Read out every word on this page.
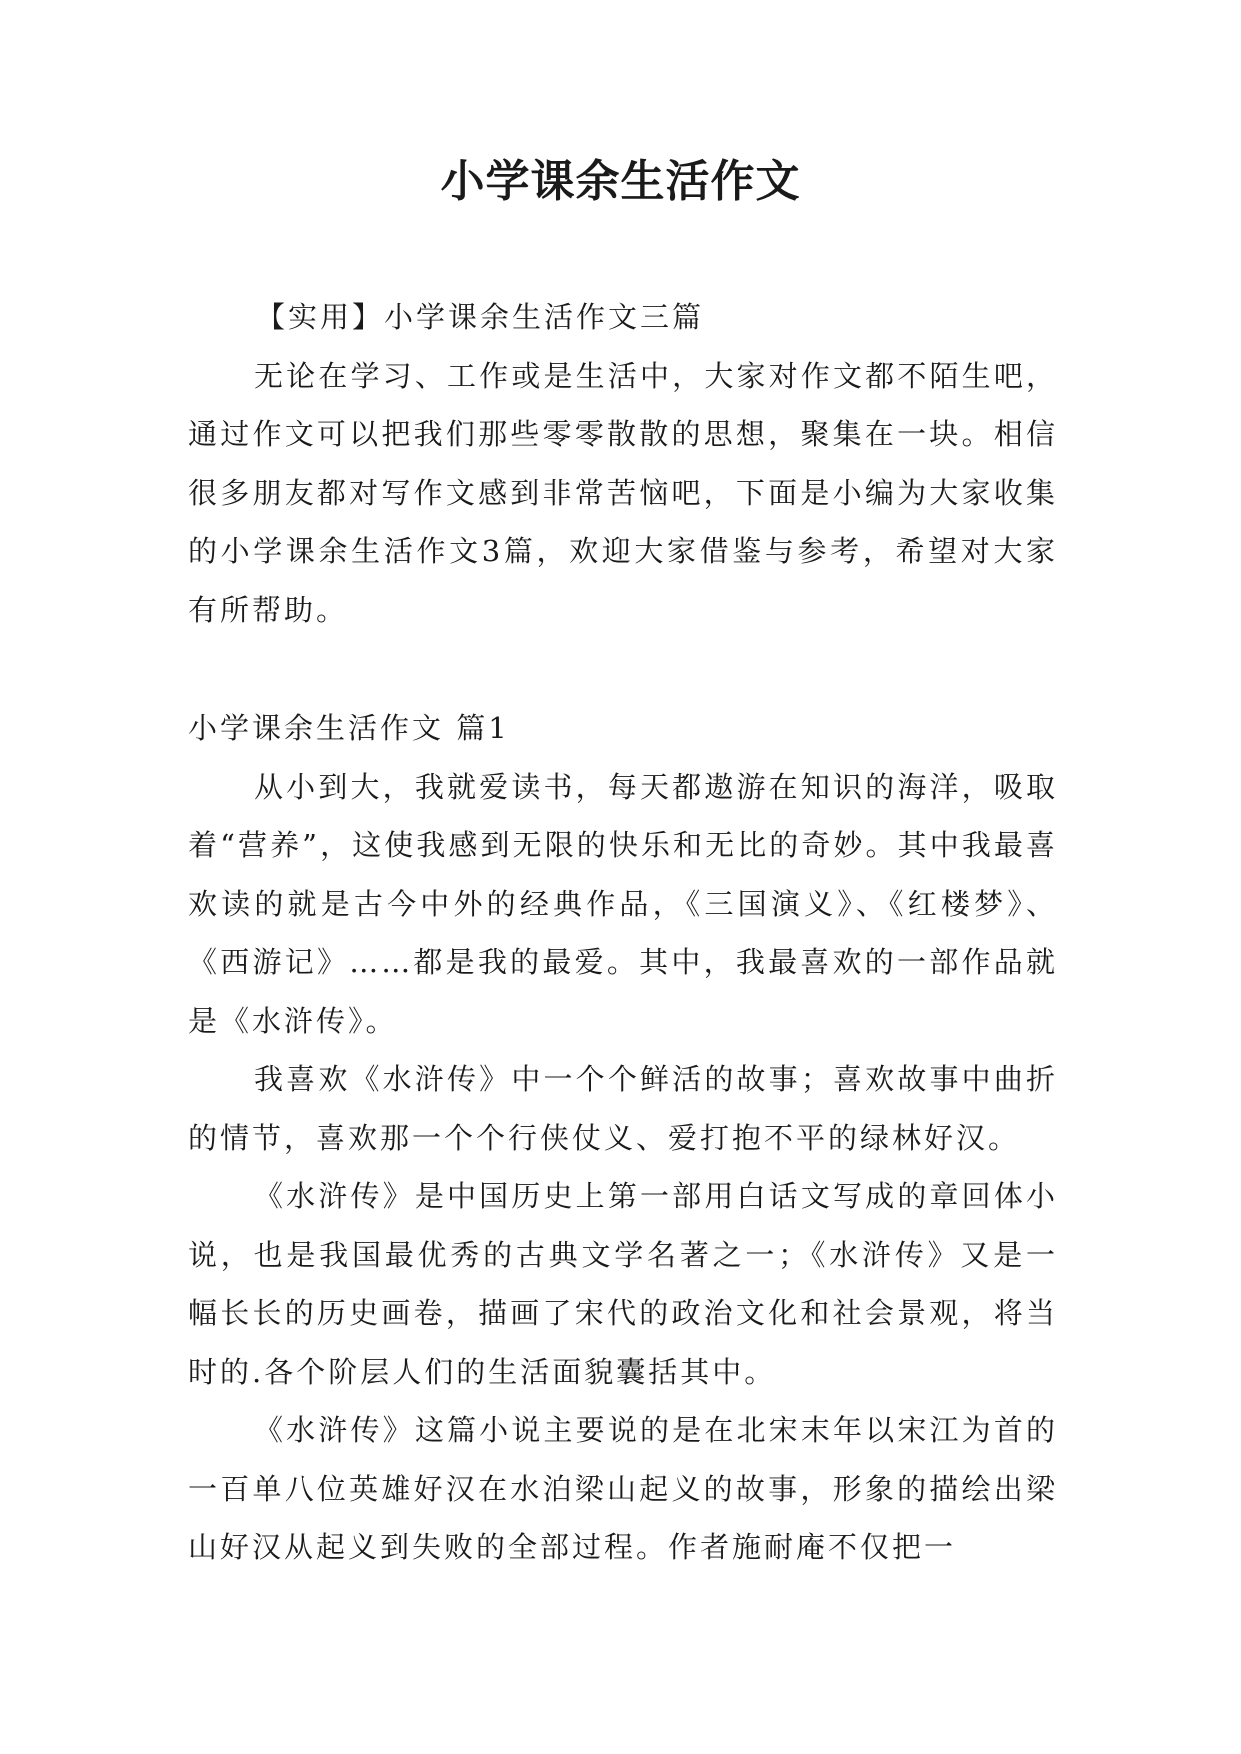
小学课余生活作文

【实用】小学课余生活作文三篇

无论在学习、工作或是生活中，大家对作文都不陌生吧，通过作文可以把我们那些零零散散的思想，聚集在一块。相信很多朋友都对写作文感到非常苦恼吧，下面是小编为大家收集的小学课余生活作文3篇，欢迎大家借鉴与参考，希望对大家有所帮助。

小学课余生活作文 篇1

从小到大，我就爱读书，每天都遨游在知识的海洋，吸取着“营养”，这使我感到无限的快乐和无比的奇妙。其中我最喜欢读的就是古今中外的经典作品，《三国演义》、《红楼梦》、《西游记》……都是我的最爱。其中，我最喜欢的一部作品就是《水浒传》。

我喜欢《水浒传》中一个个鲜活的故事；喜欢故事中曲折的情节，喜欢那一个个行侠仗义、爱打抱不平的绿林好汉。

《水浒传》是中国历史上第一部用白话文写成的章回体小说，也是我国最优秀的古典文学名著之一；《水浒传》又是一幅长长的历史画卷，描画了宋代的政治文化和社会景观，将当时的.各个阶层人们的生活面貌囊括其中。

《水浒传》这篇小说主要说的是在北宋末年以宋江为首的一百单八位英雄好汉在水泊梁山起义的故事，形象的描绘出梁山好汉从起义到失败的全部过程。作者施耐庵不仅把一
